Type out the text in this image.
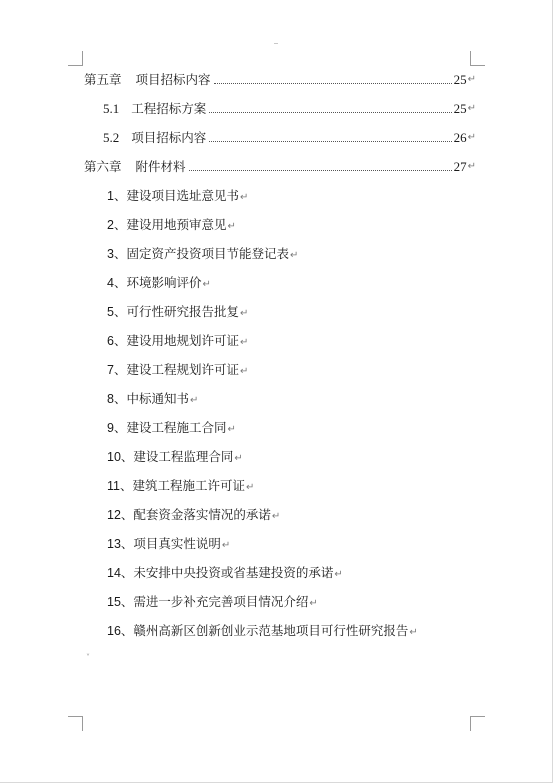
第五章 项目招标内容	25 ↵
5.1 工程招标方案	25 ↵
5.2 项目招标内容	26 ↵
第六章 附件材料	27 ↵
1、建设项目选址意见书↵
2、建设用地预审意见↵
3、固定资产投资项目节能登记表↵
4、环境影响评价↵
5、可行性研究报告批复↵
6、建设用地规划许可证↵
7、建设工程规划许可证↵
8、中标通知书↵
9、建设工程施工合同↵
10、建设工程监理合同↵
11、建筑工程施工许可证↵
12、配套资金落实情况的承诺↵
13、项目真实性说明↵
14、未安排中央投资或省基建投资的承诺↵
15、需进一步补充完善项目情况介绍↵
16、赣州高新区创新创业示范基地项目可行性研究报告↵
˅
